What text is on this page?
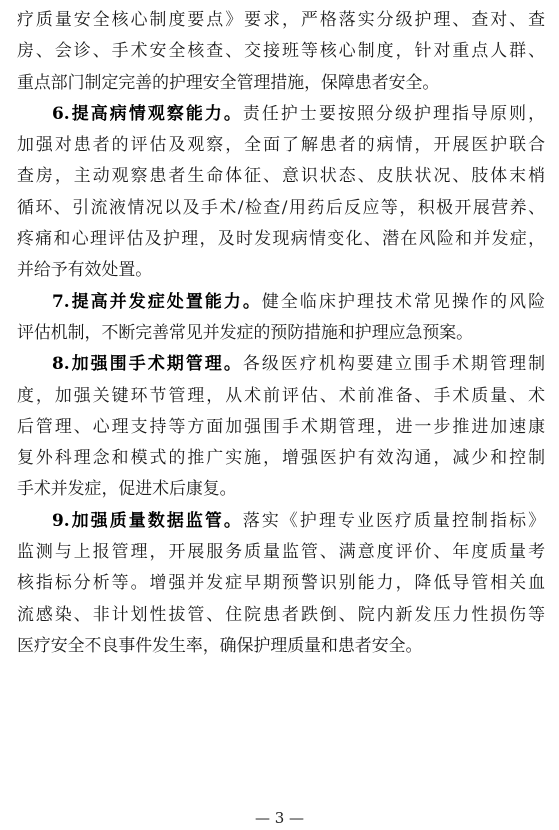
疗质量安全核心制度要点》要求，严格落实分级护理、查对、查
房、会诊、手术安全核查、交接班等核心制度，针对重点人群、
重点部门制定完善的护理安全管理措施，保障患者安全。
6.提高病情观察能力。责任护士要按照分级护理指导原则，
加强对患者的评估及观察，全面了解患者的病情，开展医护联合
查房，主动观察患者生命体征、意识状态、皮肤状况、肢体末梢
循环、引流液情况以及手术/检查/用药后反应等，积极开展营养、
疼痛和心理评估及护理，及时发现病情变化、潜在风险和并发症，
并给予有效处置。
7.提高并发症处置能力。健全临床护理技术常见操作的风险
评估机制，不断完善常见并发症的预防措施和护理应急预案。
8.加强围手术期管理。各级医疗机构要建立围手术期管理制
度，加强关键环节管理，从术前评估、术前准备、手术质量、术
后管理、心理支持等方面加强围手术期管理，进一步推进加速康
复外科理念和模式的推广实施，增强医护有效沟通，减少和控制
手术并发症，促进术后康复。
9.加强质量数据监管。落实《护理专业医疗质量控制指标》
监测与上报管理，开展服务质量监管、满意度评价、年度质量考
核指标分析等。增强并发症早期预警识别能力，降低导管相关血
流感染、非计划性拔管、住院患者跌倒、院内新发压力性损伤等
医疗安全不良事件发生率，确保护理质量和患者安全。
— 3 —
